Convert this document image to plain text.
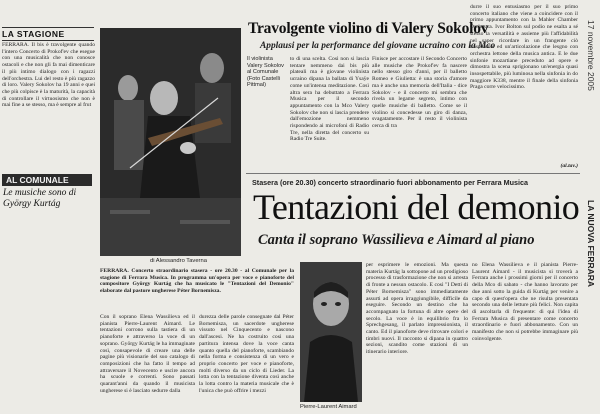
LA STAGIONE
FERRARA. Il bis è travolgente quando l'intero Concerto di Prokof'ev che esegue con una musicalità che non conosce ostacoli e che non gli fa mai dimenticare il più intimo dialogo con i ragazzi dell'orchestra. Lui del resto è più ragazzo di loro. Valery Sokolov ha 19 anni e quei che più colpisce è la maturità, la capacità di controllare il virtuosismo che non è mai fine a se stesso, ma è sempre al frut
AL COMUNALE
Le musiche sono di György Kurtág
di Alessandro Taverna
Travolgente violino di Valery Sokolov
Applausi per la performance del giovane ucraino con la Mco
Il violinista Valery Sokolov al Comunale (Foto Castelli Pittmal)
to di una scelta. Così non si lascia tentare nemmeno dai bis più plateali ma è giovane violinista ucraino dipana la ballata di Ysaÿe come un'intensa meditazione. Così altra sera ha debuttato a Ferrara Musica per il secondo appuntamento con la Mco Valery Sokolov che non si lascia prendere dall'emozione nemmeno rispondendo ai microfoni di Radio Tre, nella diretta del concerto su Radio Tre Suite.
Finisce per accostare il Secondo Concerto alle musiche che Prokof'ev fa nascere nello stesso giro d'anni, per il balletto Romeo e Giulietta: è una storia d'amore ma è anche una memoria dell'Italia - dice Sokolov - e il concerto mi sembra che rivela un legame segreto, intimo con quelle musiche di balletto. Come se il violino si concedesse un giro di danza, svagatamente. Per il resto il violinista cerca di tra
durre il suo entusiasmo per il suo primo concerto italiano che viene a coincidere con il primo appuntamento con la Mahler Chamber Orchestra. Ivor Bolton sul podio ne esalta a sé stesso la versatilità e assieme più l'affidabilità nel saper ricordare in un frangente ciò trasparente ed un'articolazione che lesgno con orchestra lettone della musica antica. E le due sinfonie mozartiane preceduto ad opere e dimostra la scena sprigionano un'energia quasi insospettabile, più luminosa nella sinfonia in do maggiore K338, mentre il finale della sinfonia Praga corre velocissimo.
(al.tav.)
Stasera (ore 20.30) concerto straordinario fuori abbonamento per Ferrara Musica
Tentazioni del demonio
Canta il soprano Wassilieva e Aimard al piano
FERRARA. Concerto straordinario stasera - ore 20.30 - al Comunale per la stagione di Ferrara Musica. In programma un'opera per voce e pianoforte del compositore György Kurtág che ha musicato le "Tentazioni del Demonio" elaborate dal pastore ungherese Péter Bornemisza.
Con il soprano Elena Wassilieva ed il pianista Pierre-Laurent Aimard. Le tentazioni corrono sulla tastiera di un pianoforte e attraverso la voce di un soprano. György Kurtág le ha immaginate così, consapevole di creare una delle pagine più visionarie del suo catalogo di composizioni che ha fatto il tempo ad attraversare il Novecento e uscire ancora ha scuole e correnti. Sono passati quarant'anni da quando il musicista ungherese si è lasciato sedurre dalla
durezza delle parole consegnate dal Péter Bornemisza, un sacerdote ungherese vissuto nel Cinquecento e nascono dall'ascesi. Ne ha costruito così una partitura intensa dove la voce canta quanto quella del pianoforte, scambiando nella forma e consistenza di un vero e proprio concerto per voce e pianoforte, molti diverso da un ciclo di Lieder. La lotta con la tentazione diventa così anche la lotta contro la materia musicale che è l'unica che può offrire i mezzi
Pierre-Laurent Aimard
per esprimere le emozioni. Ma questa materia Kurtág la sottopone ad un prodigioso processo di trasformazione che non si arresta di fronte a nessun ostacolo. E così "I Detti di Péter Bornemisza" sono immediatamente assurti ad opera irraggiungibile, difficile da eseguire. Secondo un destino che ha accompagnato la fortuna di altre opere del secolo. La voce è in equilibrio fra lo Sprechgesang, il parlato impressionista, il canto. Ed il pianoforte deve ritrovare colori e timbri nuovi. Il racconto si dipana in quattro sezioni, scandito come stazioni di un itinerario interiore.
no Elena Wassilieva e il pianista Pierre-Laurent Aimard - il musicista si troverà a Ferrara anche i prossimi giorni per il concerto della Mco di sabato - che hanno lavorato per due anni sotto la guida di Kurtág per venire a capo di quest'opera che ne risulta presentata secondo una delle letture più felici. Non capita di ascoltarla di frequente: di qui l'idea di Ferrara Musica di presentare come concerto straordinario e fuori abbonamento. Con un manifesto che non si potrebbe immaginare più coinvolgente.
17 novembre 2005
LA NUOVA FERRARA
